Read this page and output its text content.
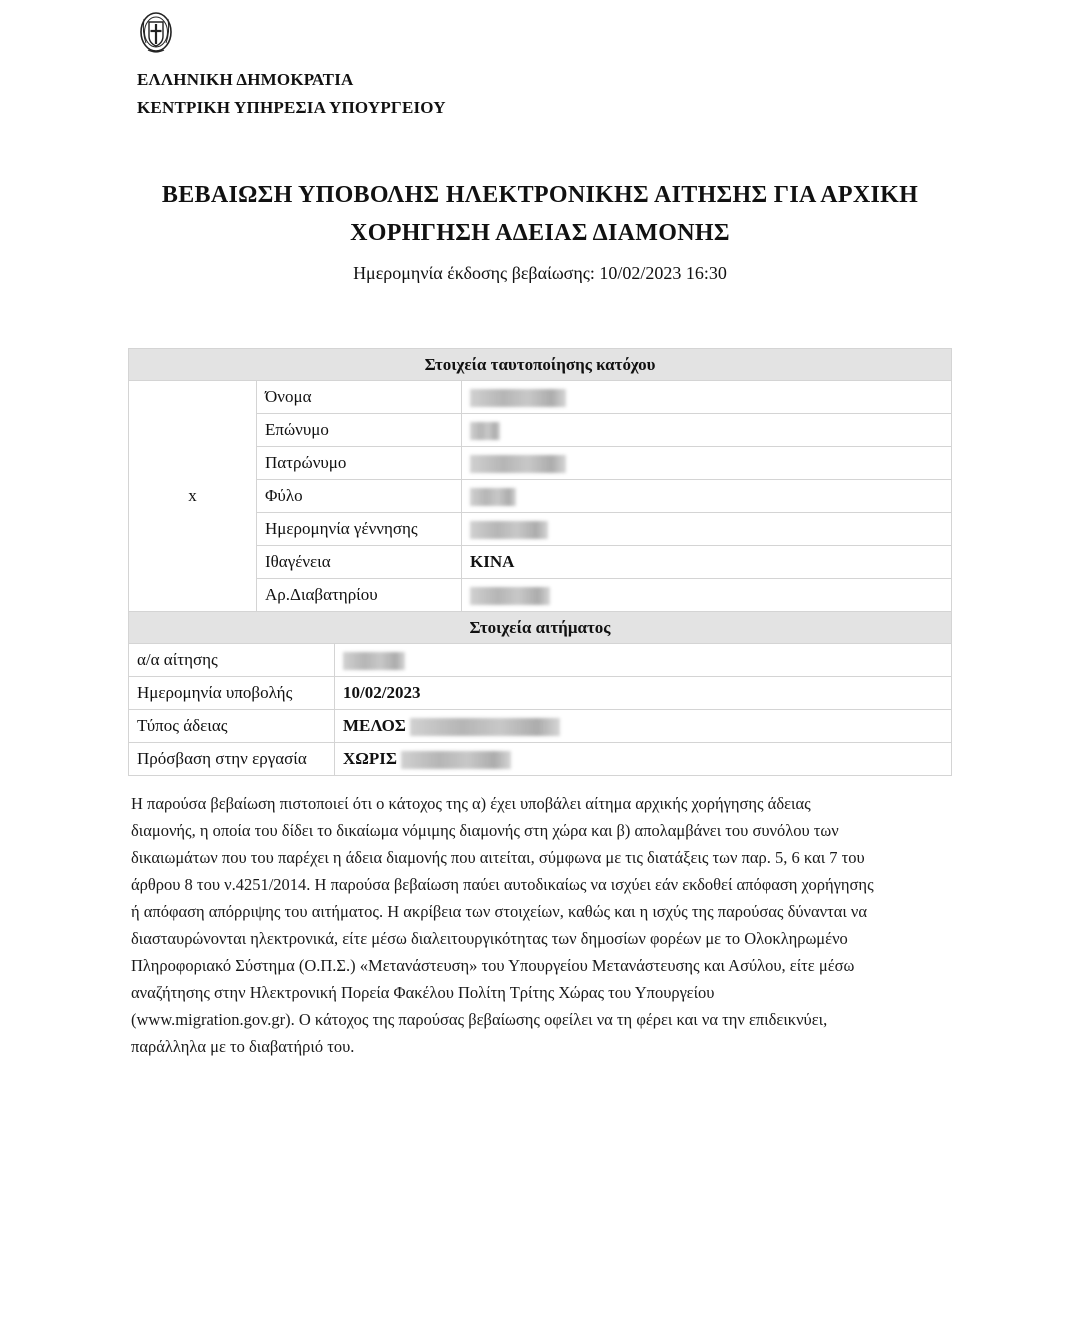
ΕΛΛΗΝΙΚΗ ΔΗΜΟΚΡΑΤΙΑ
ΚΕΝΤΡΙΚΗ ΥΠΗΡΕΣΙΑ ΥΠΟΥΡΓΕΙΟΥ
ΒΕΒΑΙΩΣΗ ΥΠΟΒΟΛΗΣ ΗΛΕΚΤΡΟΝΙΚΗΣ ΑΙΤΗΣΗΣ ΓΙΑ ΑΡΧΙΚΗ
ΧΟΡΗΓΗΣΗ ΑΔΕΙΑΣ ΔΙΑΜΟΝΗΣ
Ημερομηνία έκδοσης βεβαίωσης: 10/02/2023 16:30
Στοιχεία ταυτοποίησης κατόχου			
x	Όνομα		
	Επώνυμο		
	Πατρώνυμο		
	Φύλο		
	Ημερομηνία γέννησης		
	Ιθαγένεια		ΚΙΝΑ
	Αρ.Διαβατηρίου		
Στοιχεία αιτήματος			
α/α αίτησης			
Ημερομηνία υποβολής		10/02/2023	
Τύπος άδειας		ΜΕΛΟΣ	
Πρόσβαση στην εργασία		ΧΩΡΙΣ	
Η παρούσα βεβαίωση πιστοποιεί ότι ο κάτοχος της α) έχει υποβάλει αίτημα αρχικής χορήγησης άδειας
διαμονής, η οποία του δίδει το δικαίωμα νόμιμης διαμονής στη χώρα και β) απολαμβάνει του συνόλου των
δικαιωμάτων που του παρέχει η άδεια διαμονής που αιτείται, σύμφωνα με τις διατάξεις των παρ. 5, 6 και 7 του
άρθρου 8 του ν.4251/2014. Η παρούσα βεβαίωση παύει αυτοδικαίως να ισχύει εάν εκδοθεί απόφαση χορήγησης
ή απόφαση απόρριψης του αιτήματος. Η ακρίβεια των στοιχείων, καθώς και η ισχύς της παρούσας δύνανται να
διασταυρώνονται ηλεκτρονικά, είτε μέσω διαλειτουργικότητας των δημοσίων φορέων με το Ολοκληρωμένο
Πληροφοριακό Σύστημα (Ο.Π.Σ.) «Μετανάστευση» του Υπουργείου Μετανάστευσης και Ασύλου, είτε μέσω
αναζήτησης στην Ηλεκτρονική Πορεία Φακέλου Πολίτη Τρίτης Χώρας του Υπουργείου
(www.migration.gov.gr). Ο κάτοχος της παρούσας βεβαίωσης οφείλει να τη φέρει και να την επιδεικνύει,
παράλληλα με το διαβατήριό του.
